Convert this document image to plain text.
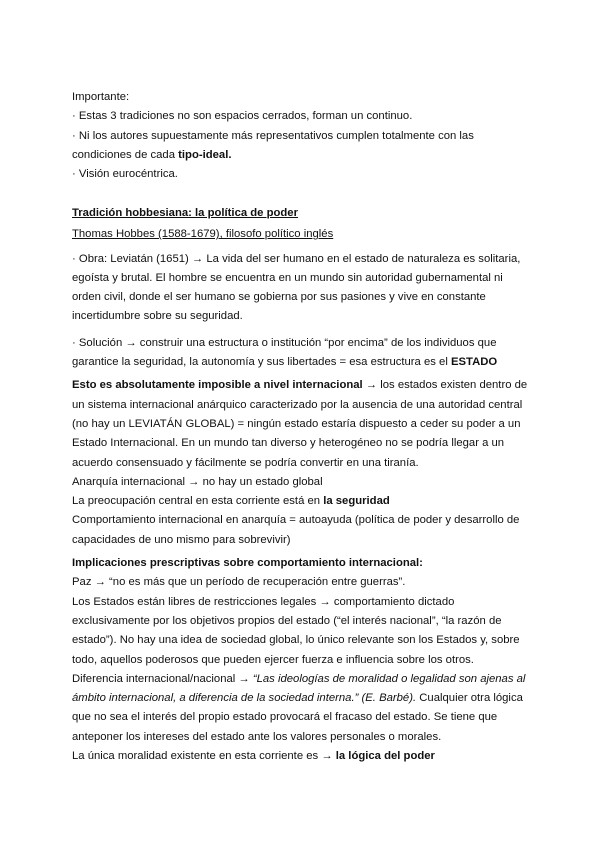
Importante:

· Estas 3 tradiciones no son espacios cerrados, forman un continuo.

· Ni los autores supuestamente más representativos cumplen totalmente con las condiciones de cada tipo-ideal.

· Visión eurocéntrica.

Tradición hobbesiana: la política de poder

Thomas Hobbes (1588-1679), filosofo político inglés

· Obra: Leviatán (1651) → La vida del ser humano en el estado de naturaleza es solitaria, egoísta y brutal. El hombre se encuentra en un mundo sin autoridad gubernamental ni orden civil, donde el ser humano se gobierna por sus pasiones y vive en constante incertidumbre sobre su seguridad.

· Solución → construir una estructura o institución “por encima” de los individuos que garantice la seguridad, la autonomía y sus libertades = esa estructura es el ESTADO

Esto es absolutamente imposible a nivel internacional → los estados existen dentro de un sistema internacional anárquico caracterizado por la ausencia de una autoridad central (no hay un LEVIATÁN GLOBAL) = ningún estado estaría dispuesto a ceder su poder a un Estado Internacional. En un mundo tan diverso y heterogéneo no se podría llegar a un acuerdo consensuado y fácilmente se podría convertir en una tiranía.

Anarquía internacional → no hay un estado global

La preocupación central en esta corriente está en la seguridad

Comportamiento internacional en anarquía = autoayuda (política de poder y desarrollo de capacidades de uno mismo para sobrevivir)

Implicaciones prescriptivas sobre comportamiento internacional:

Paz → “no es más que un período de recuperación entre guerras”.

Los Estados están libres de restricciones legales → comportamiento dictado exclusivamente por los objetivos propios del estado (“el interés nacional”, “la razón de estado”). No hay una idea de sociedad global, lo único relevante son los Estados y, sobre todo, aquellos poderosos que pueden ejercer fuerza e influencia sobre los otros.

Diferencia internacional/nacional → “Las ideologías de moralidad o legalidad son ajenas al ámbito internacional, a diferencia de la sociedad interna.” (E. Barbé). Cualquier otra lógica que no sea el interés del propio estado provocará el fracaso del estado. Se tiene que anteponer los intereses del estado ante los valores personales o morales.

La única moralidad existente en esta corriente es → la lógica del poder
